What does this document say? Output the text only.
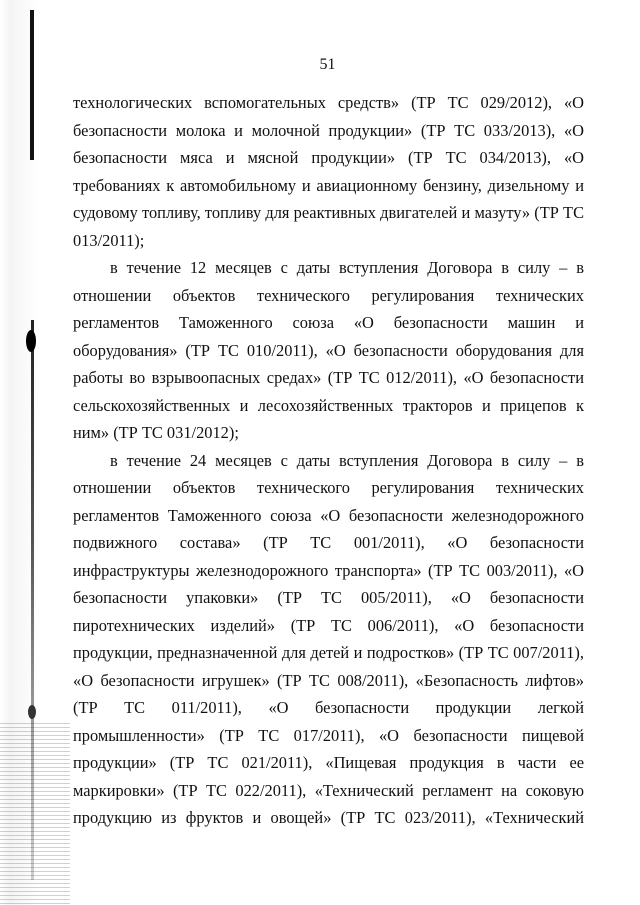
51

технологических вспомогательных средств» (ТР ТС 029/2012), «О безопасности молока и молочной продукции» (ТР ТС 033/2013), «О безопасности мяса и мясной продукции» (ТР ТС 034/2013), «О требованиях к автомобильному и авиационному бензину, дизельному и судовому топливу, топливу для реактивных двигателей и мазуту» (ТР ТС 013/2011);

в течение 12 месяцев с даты вступления Договора в силу – в отношении объектов технического регулирования технических регламентов Таможенного союза «О безопасности машин и оборудования» (ТР ТС 010/2011), «О безопасности оборудования для работы во взрывоопасных средах» (ТР ТС 012/2011), «О безопасности сельскохозяйственных и лесохозяйственных тракторов и прицепов к ним» (ТР ТС 031/2012);

в течение 24 месяцев с даты вступления Договора в силу – в отношении объектов технического регулирования технических регламентов Таможенного союза «О безопасности железнодорожного подвижного состава» (ТР ТС 001/2011), «О безопасности инфраструктуры железнодорожного транспорта» (ТР ТС 003/2011), «О безопасности упаковки» (ТР ТС 005/2011), «О безопасности пиротехнических изделий» (ТР ТС 006/2011), «О безопасности продукции, предназначенной для детей и подростков» (ТР ТС 007/2011), «О безопасности игрушек» (ТР ТС 008/2011), «Безопасность лифтов» (ТР ТС 011/2011), «О безопасности продукции легкой промышленности» (ТР ТС 017/2011), «О безопасности пищевой продукции» (ТР ТС 021/2011), «Пищевая продукция в части ее маркировки» (ТР ТС 022/2011), «Технический регламент на соковую продукцию из фруктов и овощей» (ТР ТС 023/2011), «Технический
